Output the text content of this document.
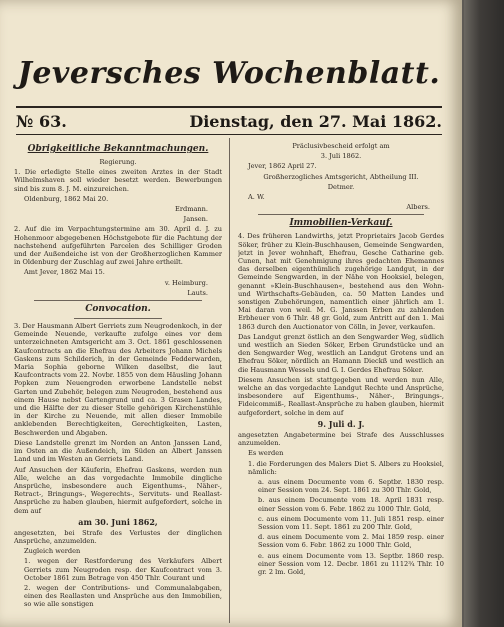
Jeversches Wochenblatt.
№ 63.	Dienstag, den 27. Mai 1862.
Obrigkeitliche Bekanntmachungen.

Regierung.

1. Die erledigte Stelle eines zweiten Arztes in der Stadt Wilhelmshaven soll wieder besetzt werden. Bewerbungen sind bis zum 8. J. M. einzureichen.

Oldenburg, 1862 Mai 20.

Erdmann.

Jansen.

2. Auf die im Verpachtungstermine am 30. April d. J. zu Hohenmoor abgegebenen Höchstgebote für die Pachtung der nachstehend aufgeführten Parcelen des Schilliger Groden und der Außendeiche ist von der Großherzoglichen Kammer in Oldenburg der Zuschlag auf zwei Jahre ertheilt.

Amt Jever, 1862 Mai 15.

v. Heimburg.

Lauts.

Convocation.

3. Der Hausmann Albert Gerriets zum Neugrodenkoch, in der Gemeinde Neuende, verkaufte zufolge eines vor dem unterzeichneten Amtsgericht am 3. Oct. 1861 geschlossenen Kaufcontracts an die Ehefrau des Arbeiters Johann Michels Gaskens zum Schilderich, in der Gemeinde Fedderwarden, Maria Sophia geborne Wilken daselbst, die laut Kaufcontracts vom 22. Novbr. 1855 von dem Häusling Johann Popken zum Neuengroden erworbene Landstelle nebst Garten und Zubehör, belegen zum Neugroden, bestehend aus einem Hause nebst Gartengrund und ca. 3 Grasen Landes, und die Hälfte der zu dieser Stelle gehörigen Kirchenstühle in der Kirche zu Neuende, mit allen dieser Immobile anklebenden Berechtigkeiten, Gerechtigkeiten, Lasten, Beschwerden und Abgaben.

Diese Landstelle grenzt im Norden an Anton Janssen Land, im Osten an die Außendeich, im Süden an Albert Janssen Land und im Westen an Gerriets Land.

Auf Ansuchen der Käuferin, Ehefrau Gaskens, werden nun Alle, welche an das vorgedachte Immobile dingliche Ansprüche, insbesondere auch Eigenthums-, Näher-, Retract-, Bringungs-, Wegerechts-, Servituts- und Reallast-Ansprüche zu haben glauben, hiermit aufgefordert, solche in dem auf

am 30. Juni 1862,

angesetzten, bei Strafe des Verlustes der dinglichen Ansprüche, anzumelden.

Zugleich werden

1. wegen der Restforderung des Verkäufers Albert Gerriets zum Neugroden resp. der Kaufcontract vom 3. October 1861 zum Betrage von 450 Thlr. Courant und

2. wegen der Contributions- und Communalabgaben, einen des Reallasten und Ansprüche aus den Immobilien, so wie alle sonstigen

Präclusivbescheid erfolgt am

3. Juli 1862.

Jever, 1862 April 27.

Großherzogliches Amtsgericht, Abtheilung III.

Detmer.

A. W.

Albers.

Immobilien-Verkauf.

4. Des früheren Landwirths, jetzt Proprietairs Jacob Gerdes Söker, früher zu Klein-Buschhausen, Gemeinde Sengwarden, jetzt in Jever wohnhaft, Ehefrau, Gesche Catharine geb. Cunen, hat mit Genehmigung ihres gedachten Ehemannes das derselben eigenthümlich zugehörige Landgut, in der Gemeinde Sengwarden, in der Nähe von Hooksiel, belegen, genannt »Klein-Buschhausen«, bestehend aus den Wohn- und Wirthschafts-Gebäuden, ca. 50 Matten Landes und sonstigen Zubehörungen, namentlich einer jährlich am 1. Mai daran von weil. M. G. Janssen Erben zu zahlenden Erbheuer von 6 Thlr. 48 gr. Gold, zum Antritt auf den 1. Mai 1863 durch den Auctionator von Cölln, in Jever, verkaufen.

Das Landgut grenzt östlich an den Sengwarder Weg, südlich und westlich an Sieden Söker, Erben Grundstücke und an den Sengwarder Weg, westlich an Landgut Grotens und an Ehefrau Söker, nördlich an Hamann Dieckß und westlich an die Hausmann Wessels und G. I. Gerdes Ehefrau Söker.

Diesem Ansuchen ist stattgegeben und werden nun Alle, welche an das vorgedachte Landgut Rechte und Ansprüche, insbesondere auf Eigenthums-, Näher-, Bringungs-, Fideicommiß-, Reallast-Ansprüche zu haben glauben, hiermit aufgefordert, solche in dem auf

9. Juli d. J.

angesetzten Angabetermine bei Strafe des Ausschlusses anzumelden.

Es werden

1. die Forderungen des Malers Diet S. Albers zu Hooksiel, nämlich:

a. aus einem Documente vom 6. Septbr. 1830 resp. einer Session vom 24. Sept. 1861 zu 300 Thlr. Gold,

b. aus einem Documente vom 18. April 1831 resp. einer Session vom 6. Febr. 1862 zu 1000 Thlr. Gold,

c. aus einem Documente vom 11. Juli 1851 resp. einer Session vom 11. Sept. 1861 zu 200 Thlr. Gold,

d. aus einem Documente vom 2. Mai 1859 resp. einer Session vom 6. Febr. 1862 zu 1000 Thlr. Gold,

e. aus einem Documente vom 13. Septbr. 1860 resp. einer Session vom 12. Decbr. 1861 zu 1112¾ Thlr. 10 gr. 2 lm. Gold,
